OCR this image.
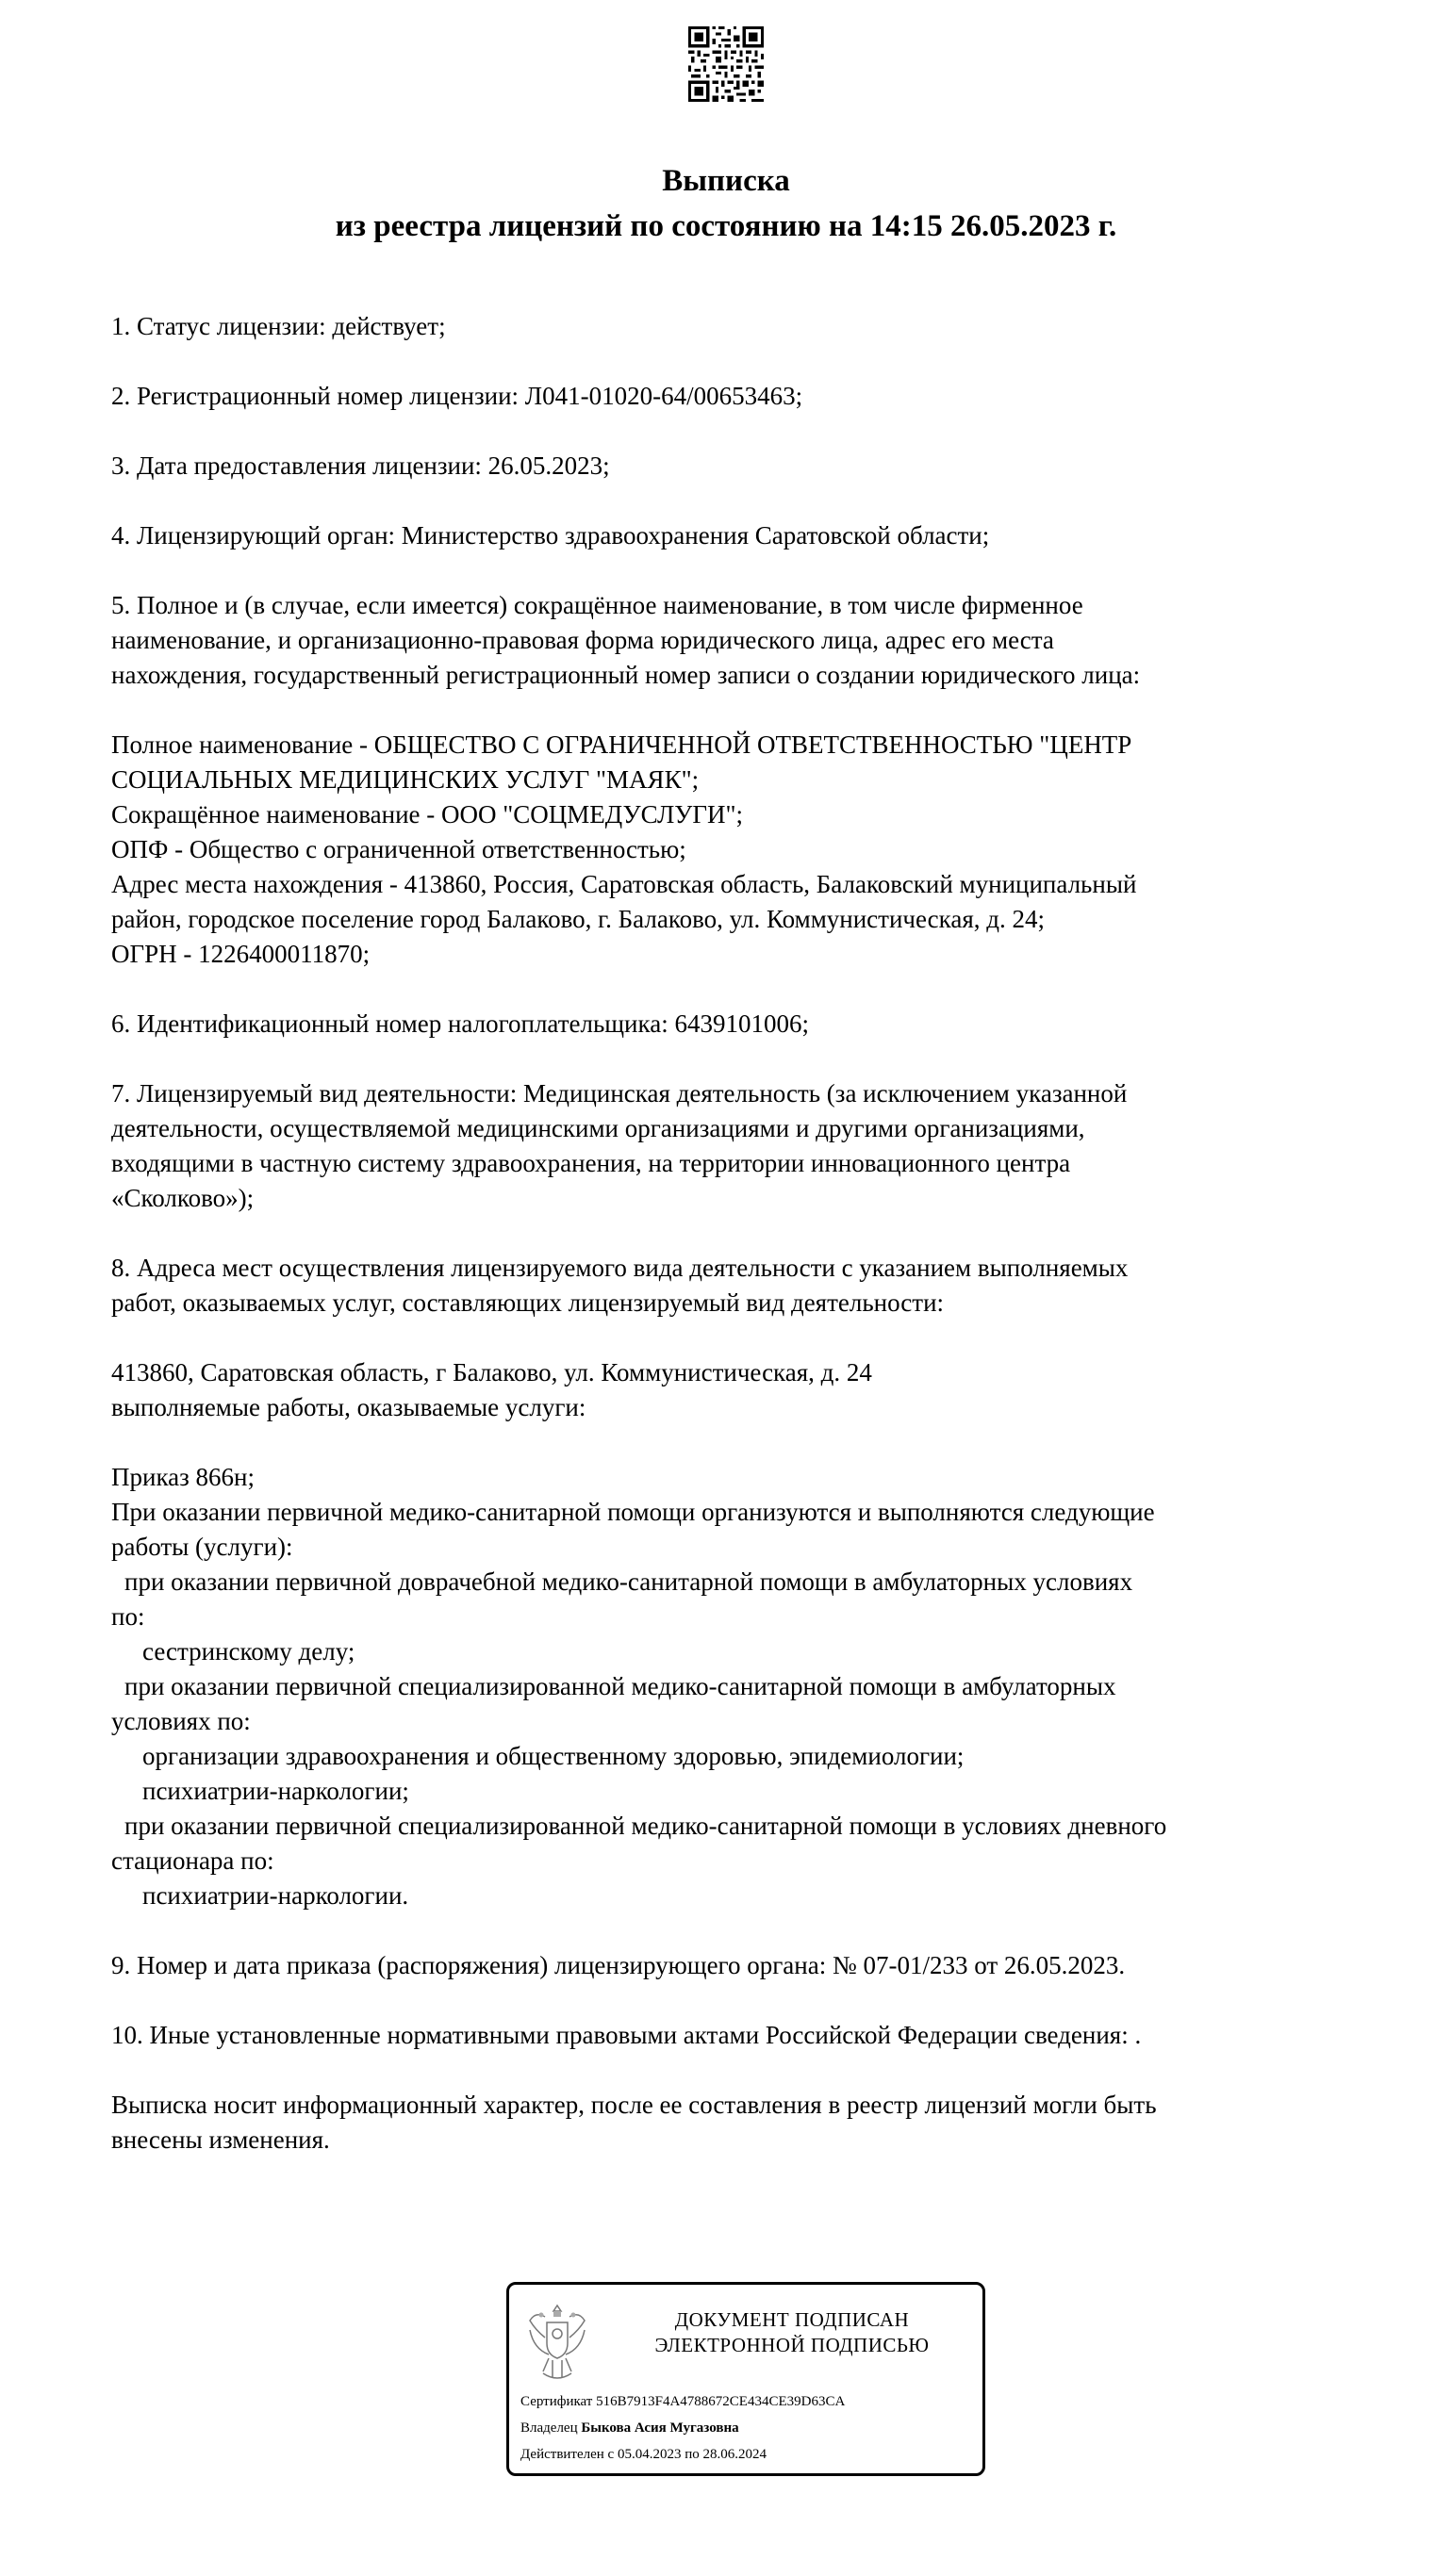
Выписка
из реестра лицензий по состоянию на 14:15 26.05.2023 г.

1. Статус лицензии: действует;

2. Регистрационный номер лицензии: Л041-01020-64/00653463;

3. Дата предоставления лицензии: 26.05.2023;

4. Лицензирующий орган: Министерство здравоохранения Саратовской области;

5. Полное и (в случае, если имеется) сокращённое наименование, в том числе фирменное

наименование, и организационно-правовая форма юридического лица, адрес его места

нахождения, государственный регистрационный номер записи о создании юридического лица:

Полное наименование - ОБЩЕСТВО С ОГРАНИЧЕННОЙ ОТВЕТСТВЕННОСТЬЮ "ЦЕНТР

СОЦИАЛЬНЫХ МЕДИЦИНСКИХ УСЛУГ "МАЯК";

Сокращённое наименование - ООО "СОЦМЕДУСЛУГИ";

ОПФ - Общество с ограниченной ответственностью;

Адрес места нахождения - 413860, Россия, Саратовская область, Балаковский муниципальный

район, городское поселение город Балаково, г. Балаково, ул. Коммунистическая, д. 24;

ОГРН - 1226400011870;

6. Идентификационный номер налогоплательщика: 6439101006;

7. Лицензируемый вид деятельности: Медицинская деятельность (за исключением указанной

деятельности, осуществляемой медицинскими организациями и другими организациями,

входящими в частную систему здравоохранения, на территории инновационного центра

«Сколково»);

8. Адреса мест осуществления лицензируемого вида деятельности с указанием выполняемых

работ, оказываемых услуг, составляющих лицензируемый вид деятельности:

413860, Саратовская область, г Балаково, ул. Коммунистическая, д. 24

выполняемые работы, оказываемые услуги:

Приказ 866н;

При оказании первичной медико-санитарной помощи организуются и выполняются следующие

работы (услуги):

при оказании первичной доврачебной медико-санитарной помощи в амбулаторных условиях

по:

сестринскому делу;

при оказании первичной специализированной медико-санитарной помощи в амбулаторных

условиях по:

организации здравоохранения и общественному здоровью, эпидемиологии;

психиатрии-наркологии;

при оказании первичной специализированной медико-санитарной помощи в условиях дневного

стационара по:

психиатрии-наркологии.

9. Номер и дата приказа (распоряжения) лицензирующего органа: № 07-01/233 от 26.05.2023.

10. Иные установленные нормативными правовыми актами Российской Федерации сведения: .

Выписка носит информационный характер, после ее составления в реестр лицензий могли быть

внесены изменения.

ДОКУМЕНТ ПОДПИСАН
ЭЛЕКТРОННОЙ ПОДПИСЬЮ
Сертификат 516B7913F4A4788672CE434CE39D63CA
Владелец Быкова Асия Мугазовна
Действителен с 05.04.2023 по 28.06.2024
